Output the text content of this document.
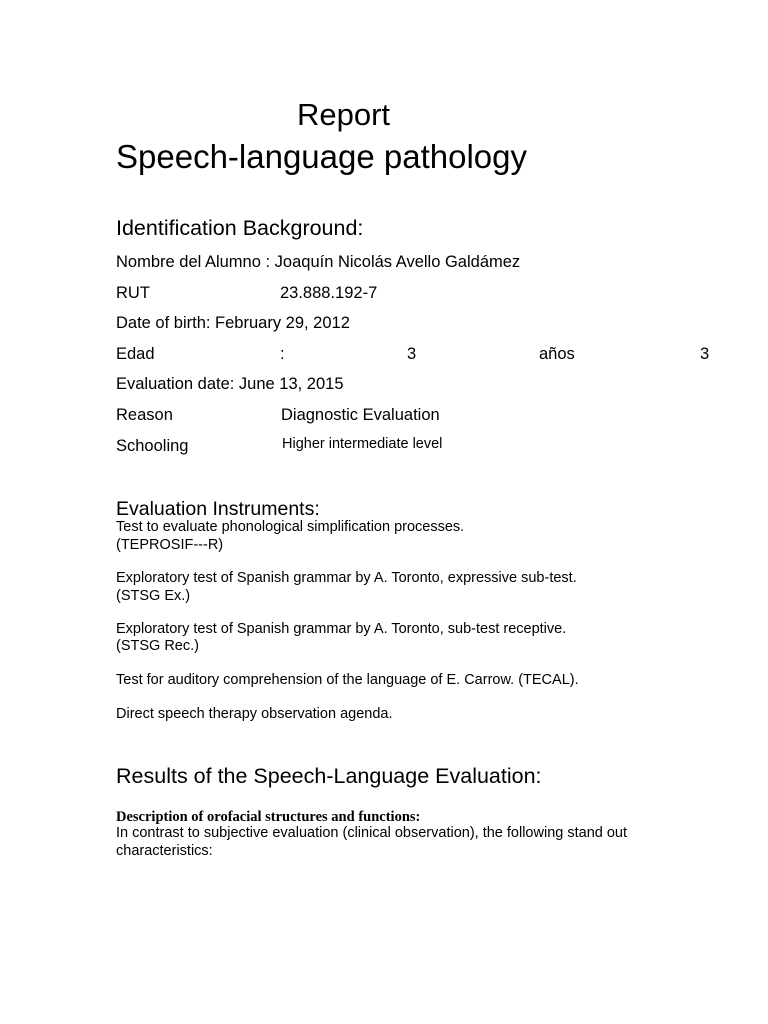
Report
Speech-language pathology
Identification Background:
Nombre del Alumno : Joaquín Nicolás Avello Galdámez
RUT	23.888.192-7
Date of birth: February 29, 2012
Edad	:	3	años	3
Evaluation date: June 13, 2015
Reason	Diagnostic Evaluation
Schooling	Higher intermediate level
Evaluation Instruments:
Test to evaluate phonological simplification processes.
(TEPROSIF--‐R)
Exploratory test of Spanish grammar by A. Toronto, expressive sub-test.
(STSG Ex.)
Exploratory test of Spanish grammar by A. Toronto, sub-test receptive.
(STSG Rec.)
Test for auditory comprehension of the language of E. Carrow. (TECAL).
Direct speech therapy observation agenda.
Results of the Speech-Language Evaluation:
Description of orofacial structures and functions:
In contrast to subjective evaluation (clinical observation), the following stand out characteristics:
